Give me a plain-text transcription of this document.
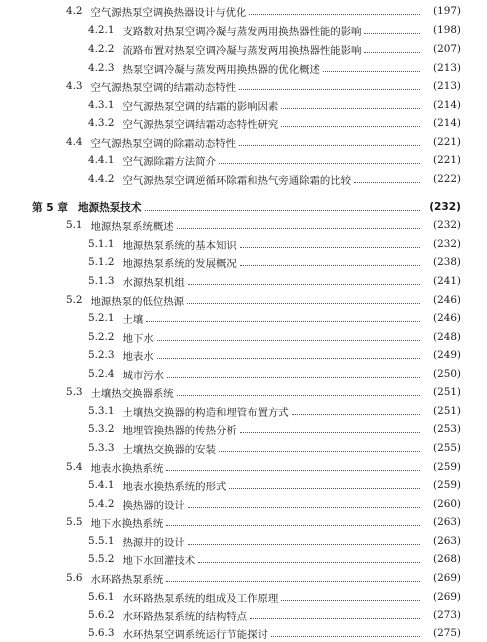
4.2 空气源热泵空调换热器设计与优化	(197)
4.2.1 支路数对热泵空调冷凝与蒸发两用换热器性能的影响	(198)
4.2.2 流路布置对热泵空调冷凝与蒸发两用换热器性能影响	(207)
4.2.3 热泵空调冷凝与蒸发两用换热器的优化概述	(213)
4.3 空气源热泵空调的结霜动态特性	(213)
4.3.1 空气源热泵空调的结霜的影响因素	(214)
4.3.2 空气源热泵空调结霜动态特性研究	(214)
4.4 空气源热泵空调的除霜动态特性	(221)
4.4.1 空气源除霜方法简介	(221)
4.4.2 空气源热泵空调逆循环除霜和热气旁通除霜的比较	(222)
第 5 章 地源热泵技术	(232)
5.1 地源热泵系统概述	(232)
5.1.1 地源热泵系统的基本知识	(232)
5.1.2 地源热泵系统的发展概况	(238)
5.1.3 水源热泵机组	(241)
5.2 地源热泵的低位热源	(246)
5.2.1 土壤	(246)
5.2.2 地下水	(248)
5.2.3 地表水	(249)
5.2.4 城市污水	(250)
5.3 土壤热交换器系统	(251)
5.3.1 土壤热交换器的构造和埋管布置方式	(251)
5.3.2 地埋管换热器的传热分析	(253)
5.3.3 土壤热交换器的安装	(255)
5.4 地表水换热系统	(259)
5.4.1 地表水换热系统的形式	(259)
5.4.2 换热器的设计	(260)
5.5 地下水换热系统	(263)
5.5.1 热源井的设计	(263)
5.5.2 地下水回灌技术	(268)
5.6 水环路热泵系统	(269)
5.6.1 水环路热泵系统的组成及工作原理	(269)
5.6.2 水环路热泵系统的结构特点	(273)
5.6.3 水环热泵空调系统运行节能探讨	(275)
